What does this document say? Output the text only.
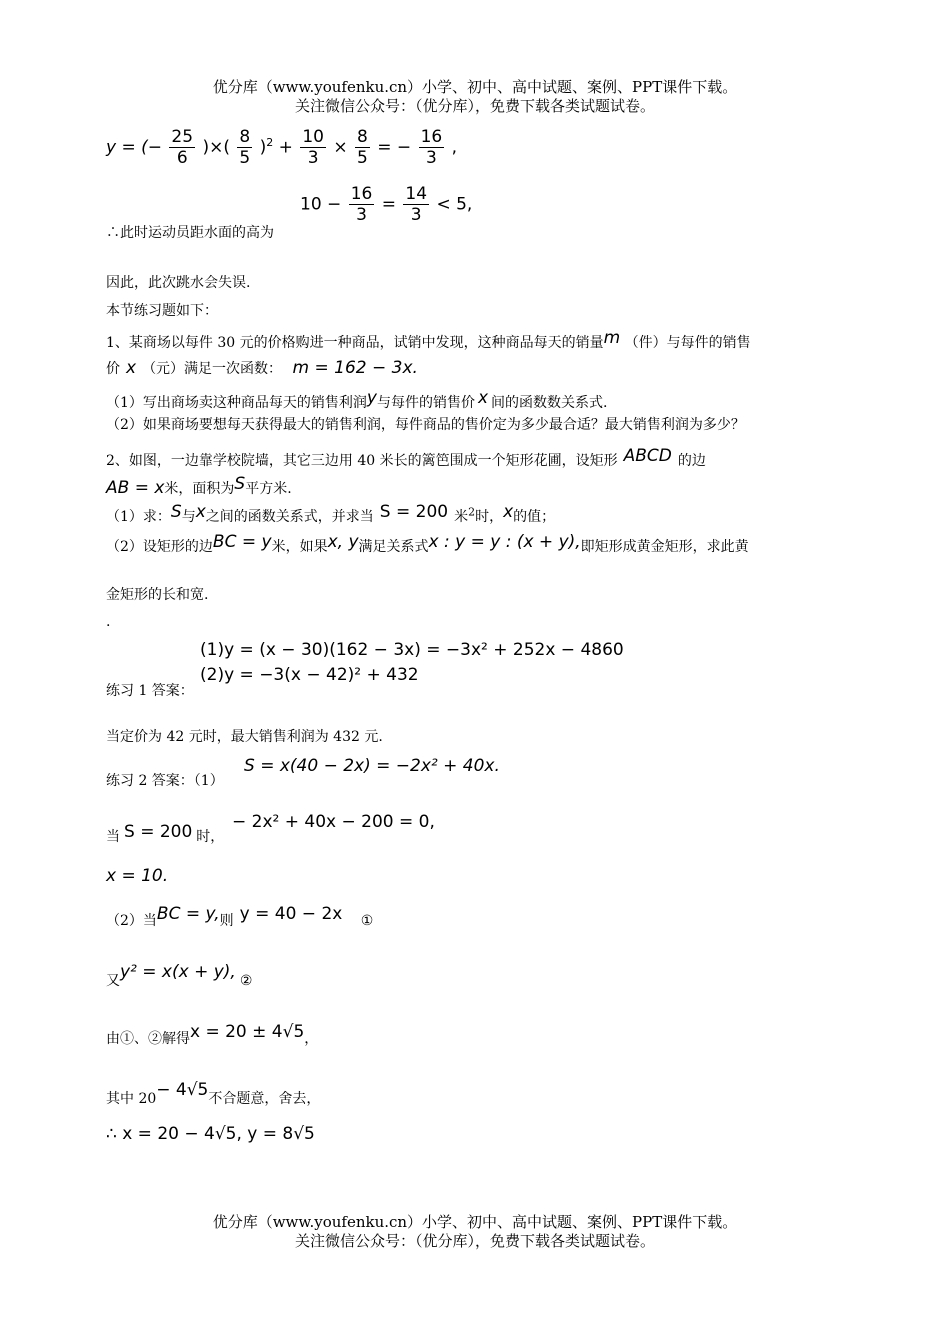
优分库（www.youfenku.cn）小学、初中、高中试题、案例、PPT课件下载。
关注微信公众号：（优分库），免费下载各类试题试卷。
y = (− $\frac{25}{6}$ )×( $\frac{8}{5} )^2 + \frac{10}{3} \times \frac{8}{5}$ = − $\frac{16}{3}$ ,
$10 - \frac{16}{3} = \frac{14}{3} < 5$,
∴此时运动员距水面的高为
因此，此次跳水会失误.
本节练习题如下：
1、某商场以每件 30 元的价格购进一种商品，试销中发现，这种商品每天的销量m （件）与每件的销售
价 x （元）满足一次函数： m = 162 − 3x.
（1）写出商场卖这种商品每天的销售利润y与每件的销售价 x 间的函数数关系式.
（2）如果商场要想每天获得最大的销售利润，每件商品的售价定为多少最合适？最大销售利润为多少？
2、如图，一边靠学校院墙，其它三边用 40 米长的篱笆围成一个矩形花圃，设矩形 ABCD 的边
AB = x米，面积为S平方米.
（1）求：S与x之间的函数关系式，并求当 S = 200 米$^2$时，x的值；
（2）设矩形的边BC = y米，如果x, y满足关系式x : y = y : (x + y),即矩形成黄金矩形，求此黄
金矩形的长和宽.
.
(1)y = (x − 30)(162 − 3x) = −3x² + 252x − 4860
练习 1 答案：
(2)y = −3(x − 42)² + 432
当定价为 42 元时，最大销售利润为 432 元.
练习 2 答案：（1）
S = x(40 − 2x) = −2x² + 40x.
当 S = 200 时，
− 2x² + 40x − 200 = 0,
x = 10.
（2）当BC = y,则 y = 40 − 2x ①
又y² = x(x + y), ②
由①、②解得x = 20 ± 4√5，
其中 20− 4√5不合题意，舍去，
∴ x = 20 − 4√5, y = 8√5
优分库（www.youfenku.cn）小学、初中、高中试题、案例、PPT课件下载。
关注微信公众号：（优分库），免费下载各类试题试卷。
